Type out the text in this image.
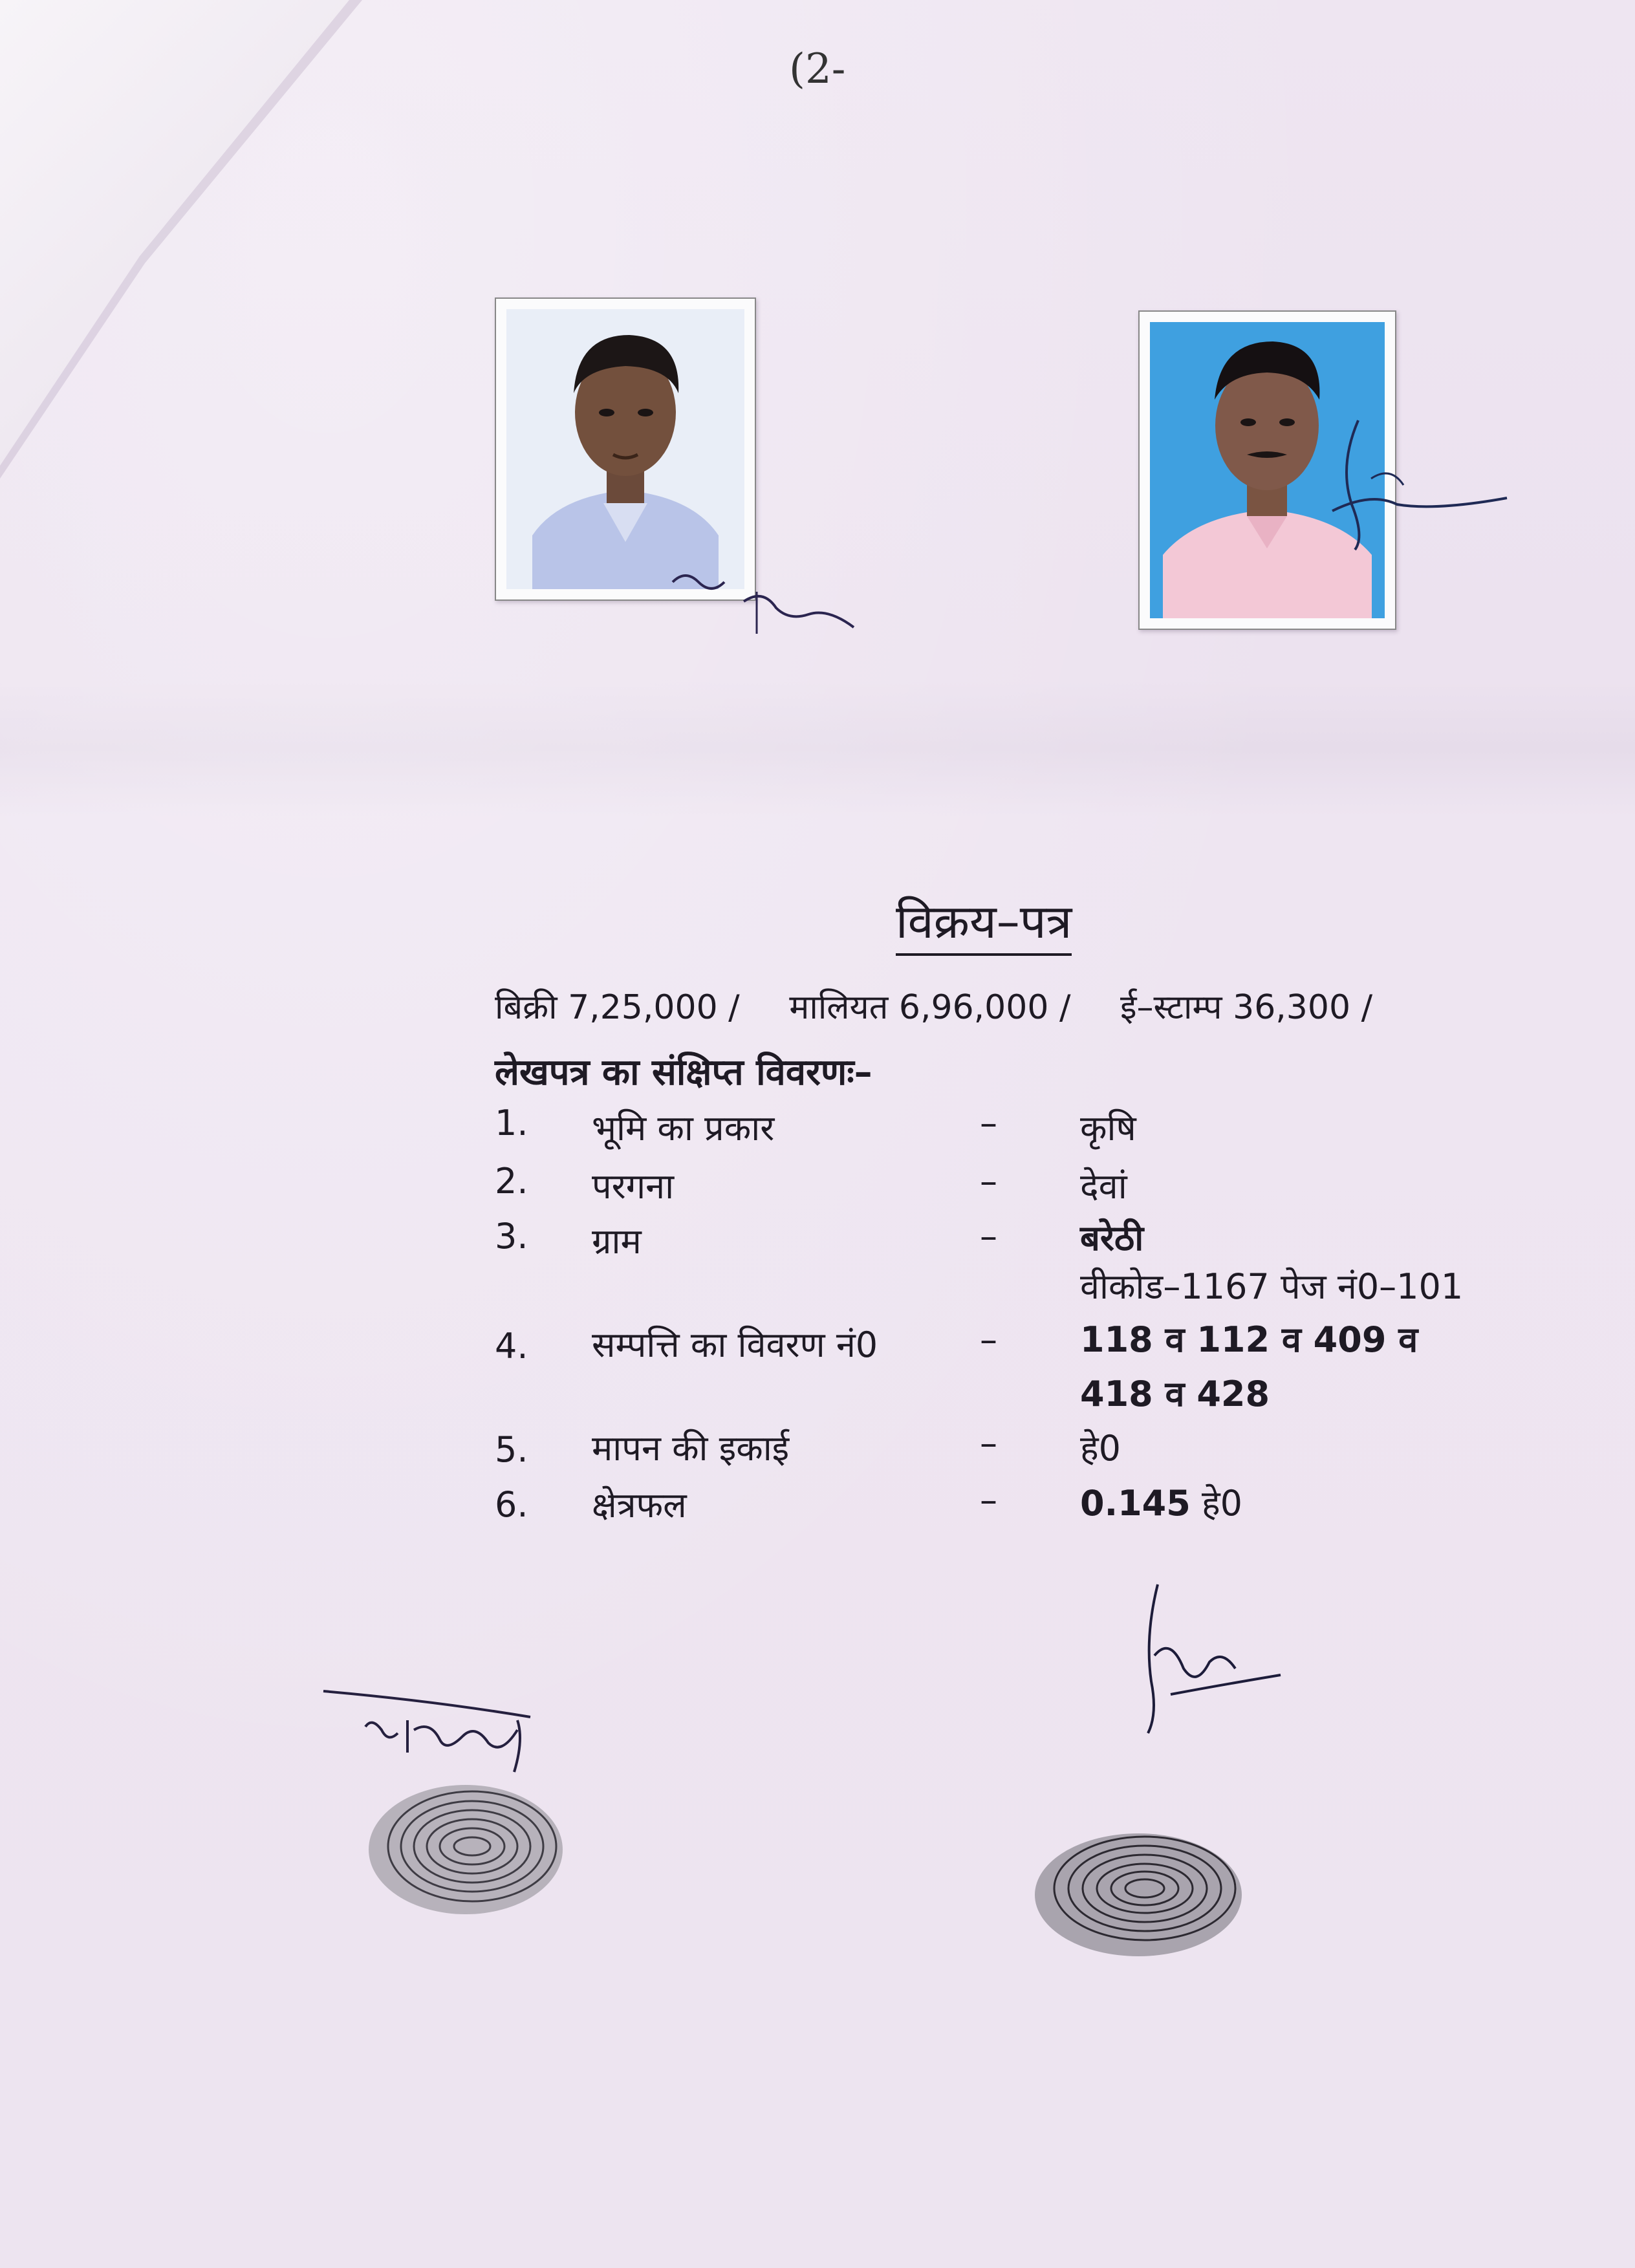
(2-
विक्रय–पत्र
बिक्री 7,25,000 / मालियत 6,96,000 / ई–स्टाम्प 36,300 /
लेखपत्र का संक्षिप्त विवरणः–
1. भूमि का प्रकार	– कृषि
2. परगना	– देवां
3. ग्राम	– बरेठी
वीकोड–1167 पेज नं0–101
4. सम्पत्ति का विवरण नं0	– 118 व 112 व 409 व
418 व 428
5. मापन की इकाई	– हे0
6. क्षेत्रफल	– 0.145 हे0
